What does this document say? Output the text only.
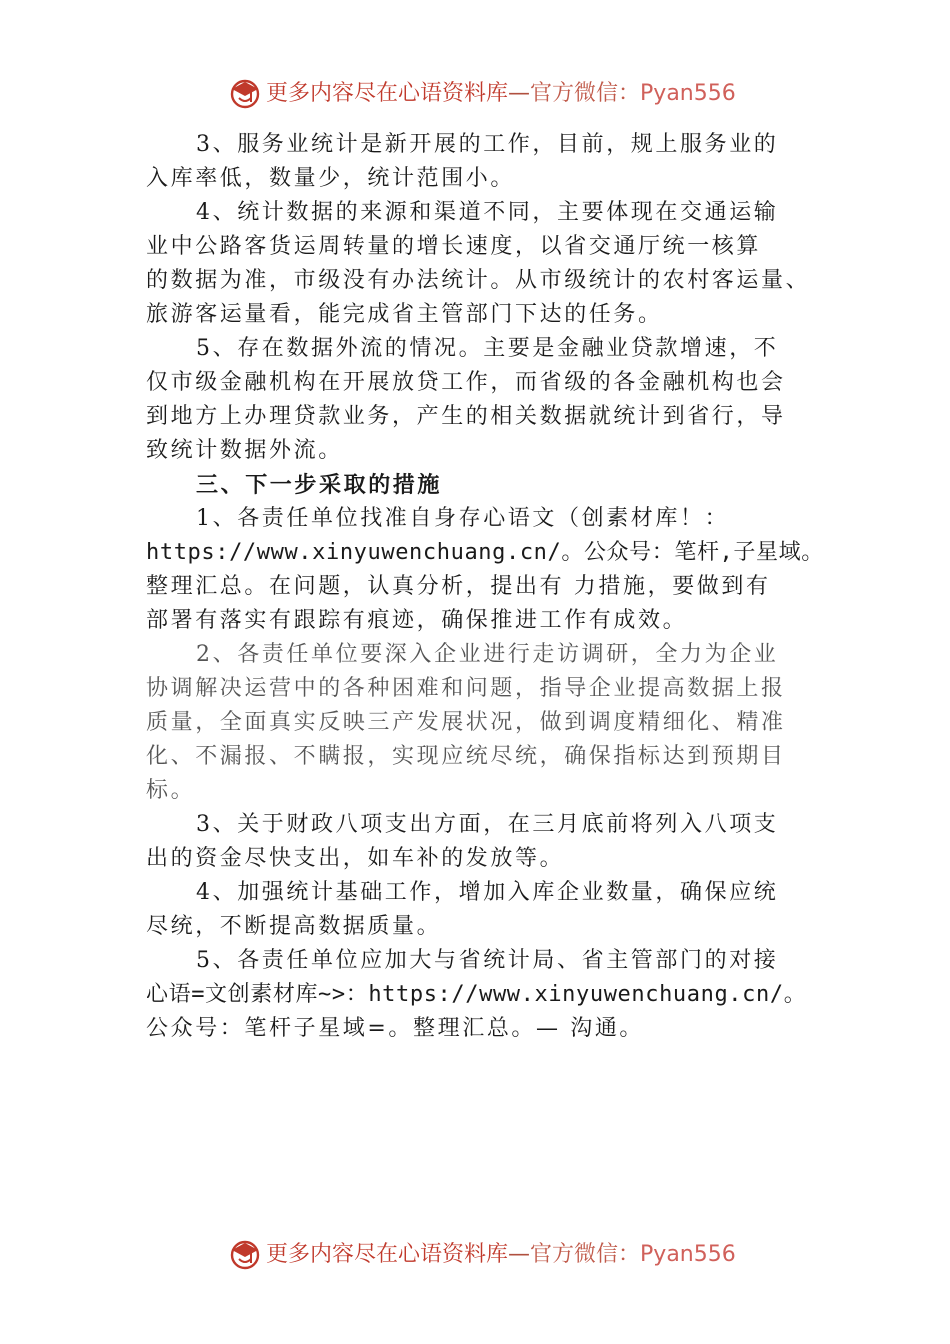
更多内容尽在心语资料库—官方微信：Pyan556
3、服务业统计是新开展的工作，目前，规上服务业的
入库率低，数量少，统计范围小。
4、统计数据的来源和渠道不同，主要体现在交通运输
业中公路客货运周转量的增长速度，以省交通厅统一核算
的数据为准，市级没有办法统计。从市级统计的农村客运量、
旅游客运量看，能完成省主管部门下达的任务。
5、存在数据外流的情况。主要是金融业贷款增速，不
仅市级金融机构在开展放贷工作，而省级的各金融机构也会
到地方上办理贷款业务，产生的相关数据就统计到省行，导
致统计数据外流。
三、下一步采取的措施
1、各责任单位找准自身存心语文（创素材库！：
https://www.xinyuwenchuang.cn/。公众号：笔杆,子星域。
整理汇总。在问题，认真分析，提出有 力措施，要做到有
部署有落实有跟踪有痕迹，确保推进工作有成效。
2、各责任单位要深入企业进行走访调研，全力为企业
协调解决运营中的各种困难和问题，指导企业提高数据上报
质量，全面真实反映三产发展状况，做到调度精细化、精准
化、不漏报、不瞒报，实现应统尽统，确保指标达到预期目
标。
3、关于财政八项支出方面，在三月底前将列入八项支
出的资金尽快支出，如车补的发放等。
4、加强统计基础工作，增加入库企业数量，确保应统
尽统，不断提高数据质量。
5、各责任单位应加大与省统计局、省主管部门的对接
心语=文创素材库~>：https://www.xinyuwenchuang.cn/。
公众号：笔杆子星域=。整理汇总。— 沟通。
更多内容尽在心语资料库—官方微信：Pyan556
